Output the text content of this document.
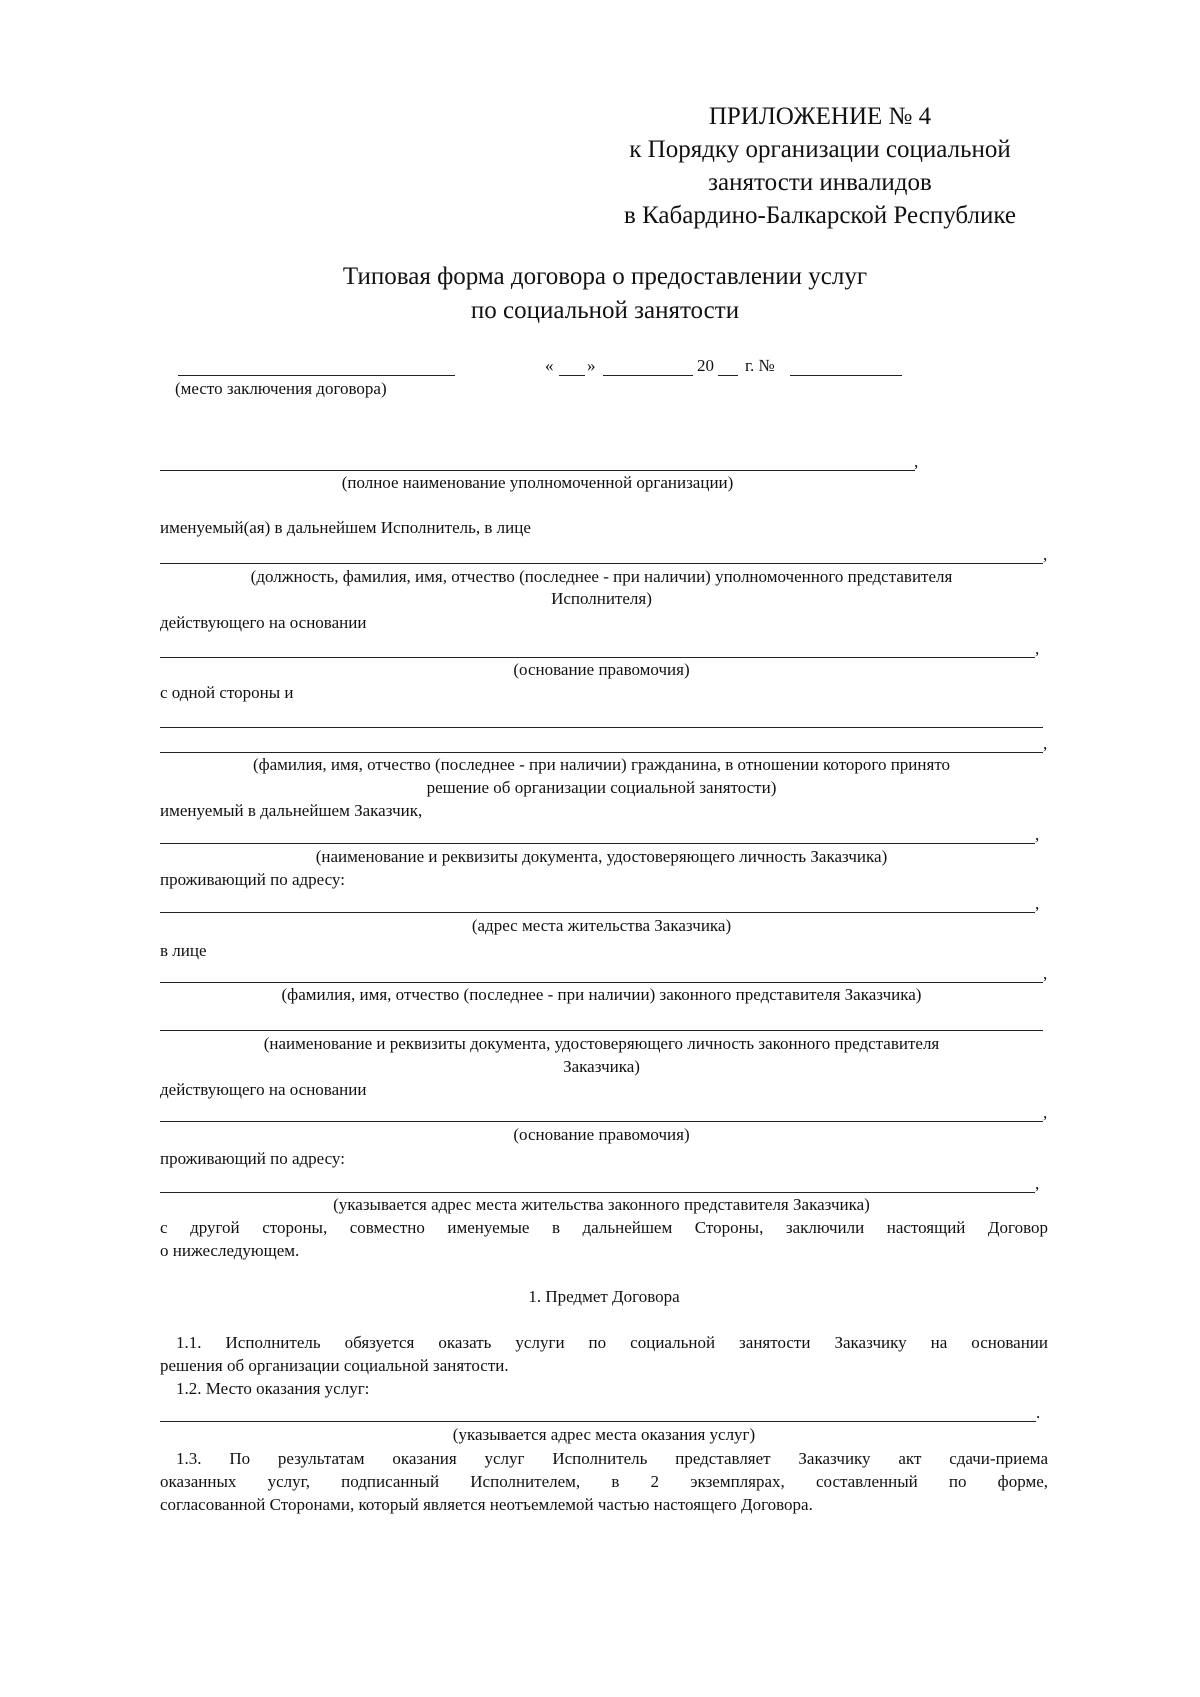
ПРИЛОЖЕНИЕ № 4
к Порядку организации социальной
занятости инвалидов
в Кабардино-Балкарской Республике
Типовая форма договора о предоставлении услуг
по социальной занятости
(место заключения договора)
« »	20 г. №
,
(полное наименование уполномоченной организации)
именуемый(ая) в дальнейшем Исполнитель, в лице
,
(должность, фамилия, имя, отчество (последнее - при наличии) уполномоченного представителя
Исполнителя)
действующего на основании
,
(основание правомочия)
с одной стороны и
,
(фамилия, имя, отчество (последнее - при наличии) гражданина, в отношении которого принято
решение об организации социальной занятости)
именуемый в дальнейшем Заказчик,
,
(наименование и реквизиты документа, удостоверяющего личность Заказчика)
проживающий по адресу:
,
(адрес места жительства Заказчика)
в лице
,
(фамилия, имя, отчество (последнее - при наличии) законного представителя Заказчика)
(наименование и реквизиты документа, удостоверяющего личность законного представителя
Заказчика)
действующего на основании
,
(основание правомочия)
проживающий по адресу:
,
(указывается адрес места жительства законного представителя Заказчика)
с другой стороны, совместно именуемые в дальнейшем Стороны, заключили настоящий Договор
о нижеследующем.
1. Предмет Договора
1.1. Исполнитель обязуется оказать услуги по социальной занятости Заказчику на основании
решения об организации социальной занятости.
1.2. Место оказания услуг:
.
(указывается адрес места оказания услуг)
1.3. По результатам оказания услуг Исполнитель представляет Заказчику акт сдачи-приема
оказанных услуг, подписанный Исполнителем, в 2 экземплярах, составленный по форме,
согласованной Сторонами, который является неотъемлемой частью настоящего Договора.
